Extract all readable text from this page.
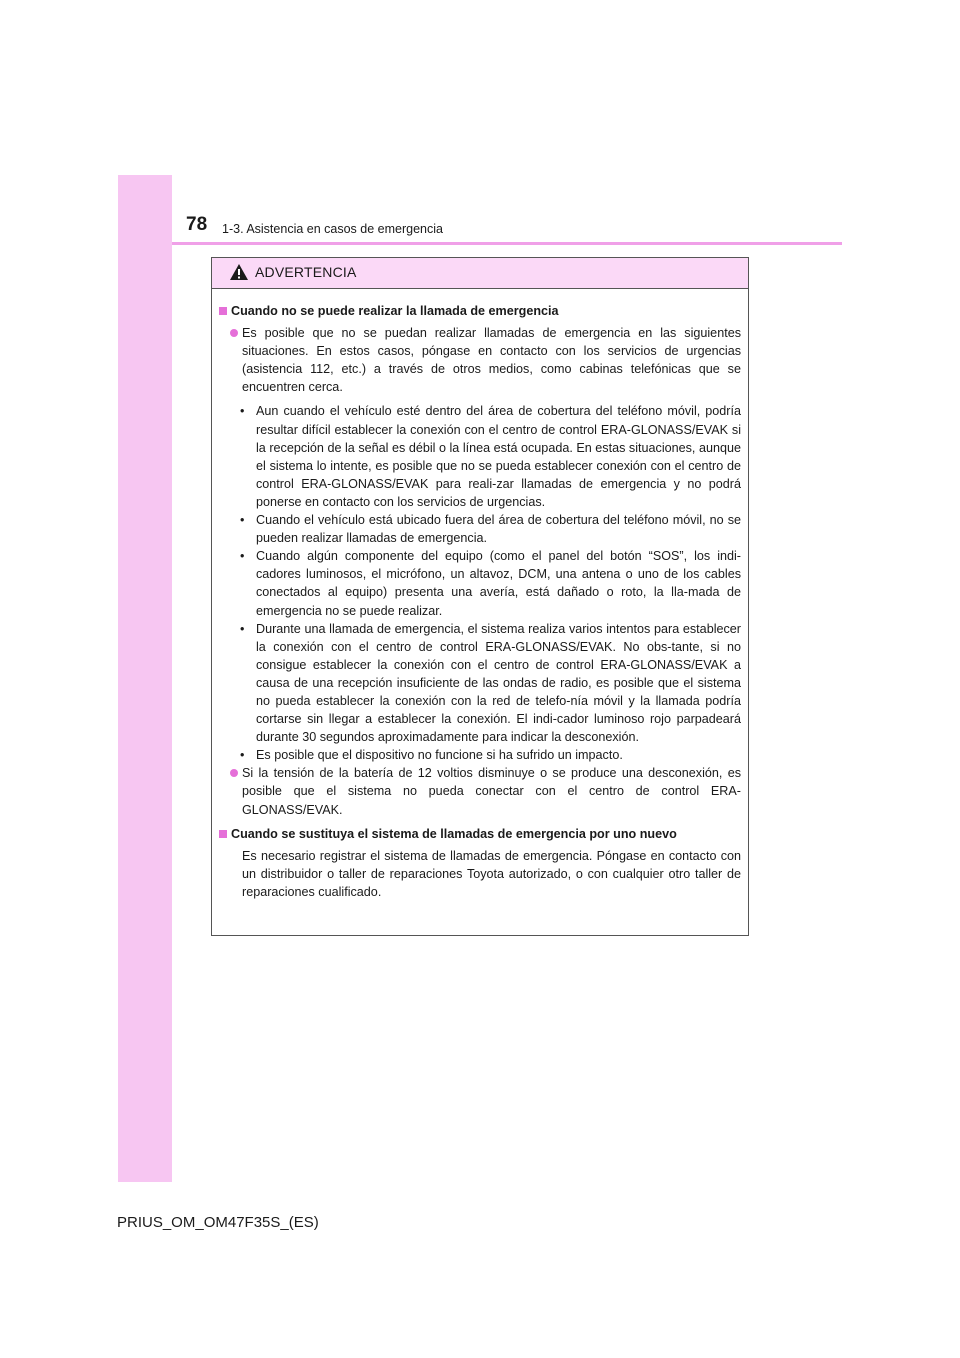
78 1-3. Asistencia en casos de emergencia
ADVERTENCIA
Cuando no se puede realizar la llamada de emergencia
Es posible que no se puedan realizar llamadas de emergencia en las siguientes situaciones. En estos casos, póngase en contacto con los servicios de urgencias (asistencia 112, etc.) a través de otros medios, como cabinas telefónicas que se encuentren cerca.
• Aun cuando el vehículo esté dentro del área de cobertura del teléfono móvil, podría resultar difícil establecer la conexión con el centro de control ERA-GLONASS/EVAK si la recepción de la señal es débil o la línea está ocupada. En estas situaciones, aunque el sistema lo intente, es posible que no se pueda establecer conexión con el centro de control ERA-GLONASS/EVAK para reali-zar llamadas de emergencia y no podrá ponerse en contacto con los servicios de urgencias.
• Cuando el vehículo está ubicado fuera del área de cobertura del teléfono móvil, no se pueden realizar llamadas de emergencia.
• Cuando algún componente del equipo (como el panel del botón “SOS”, los indi-cadores luminosos, el micrófono, un altavoz, DCM, una antena o uno de los cables conectados al equipo) presenta una avería, está dañado o roto, la lla-mada de emergencia no se puede realizar.
• Durante una llamada de emergencia, el sistema realiza varios intentos para establecer la conexión con el centro de control ERA-GLONASS/EVAK. No obs-tante, si no consigue establecer la conexión con el centro de control ERA-GLONASS/EVAK a causa de una recepción insuficiente de las ondas de radio, es posible que el sistema no pueda establecer la conexión con la red de telefo-nía móvil y la llamada podría cortarse sin llegar a establecer la conexión. El indi-cador luminoso rojo parpadeará durante 30 segundos aproximadamente para indicar la desconexión.
• Es posible que el dispositivo no funcione si ha sufrido un impacto.
Si la tensión de la batería de 12 voltios disminuye o se produce una desconexión, es posible que el sistema no pueda conectar con el centro de control ERA-GLONASS/EVAK.
Cuando se sustituya el sistema de llamadas de emergencia por uno nuevo
Es necesario registrar el sistema de llamadas de emergencia. Póngase en contacto con un distribuidor o taller de reparaciones Toyota autorizado, o con cualquier otro taller de reparaciones cualificado.
PRIUS_OM_OM47F35S_(ES)
